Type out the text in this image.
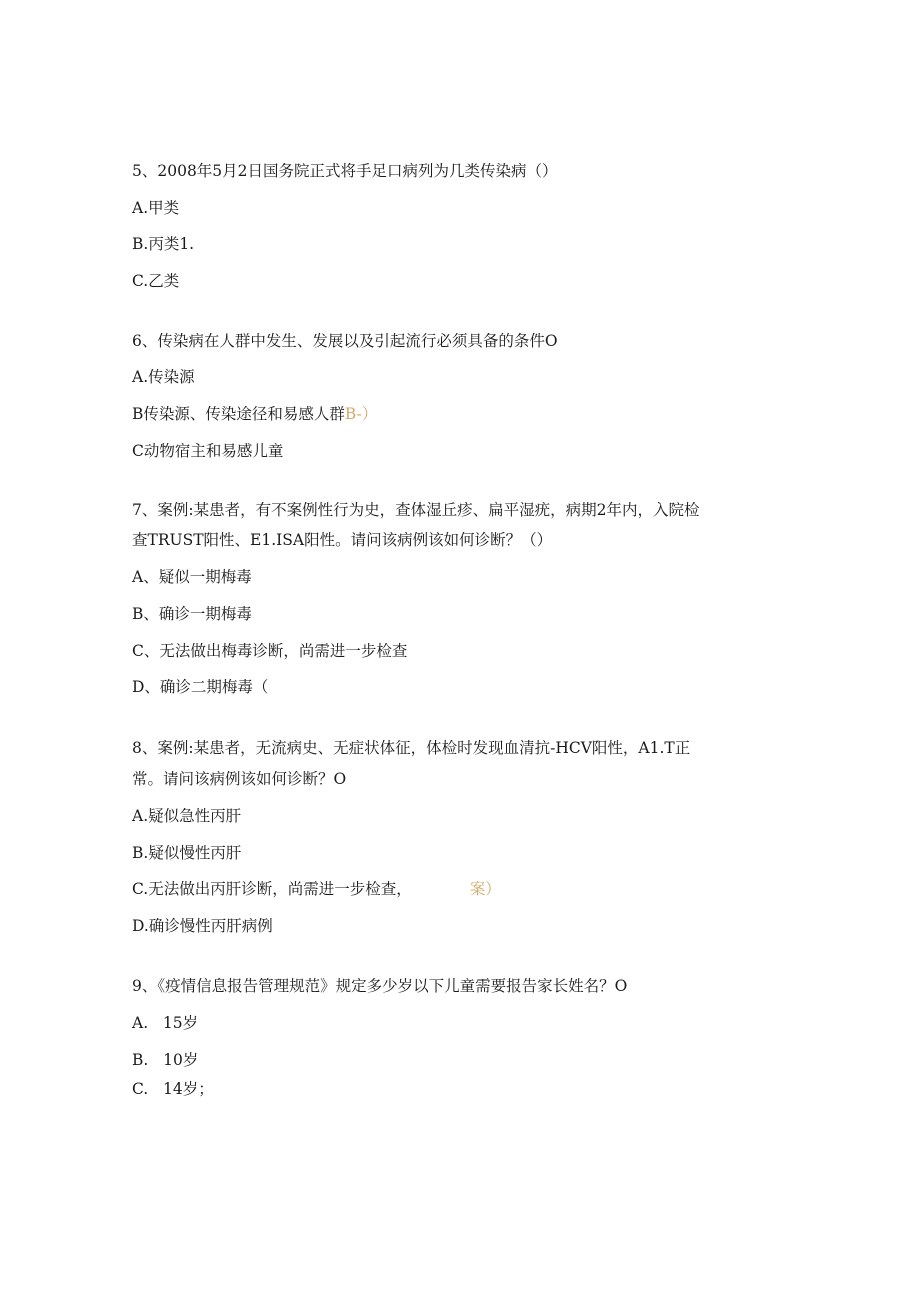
5、2008年5月2日国务院正式将手足口病列为几类传染病（）
A.甲类
B.丙类1.
C.乙类
6、传染病在人群中发生、发展以及引起流行必须具备的条件O
A.传染源
B传染源、传染途径和易感人群B-）
C动物宿主和易感儿童
7、案例:某患者，有不案例性行为史，查体湿丘疹、扁平湿疣，病期2年内，入院检
查TRUST阳性、E1.ISA阳性。请问该病例该如何诊断？（）
A、疑似一期梅毒
B、确诊一期梅毒
C、无法做出梅毒诊断，尚需进一步检查
D、确诊二期梅毒（
8、案例:某患者，无流病史、无症状体征，体检时发现血清抗-HCV阳性，A1.T正
常。请问该病例该如何诊断？O
A.疑似急性丙肝
B.疑似慢性丙肝
C.无法做出丙肝诊断，尚需进一步检查，	案）
D.确诊慢性丙肝病例
9、《疫情信息报告管理规范》规定多少岁以下儿童需要报告家长姓名？O
A.   15岁
B.   10岁
C.   14岁；
